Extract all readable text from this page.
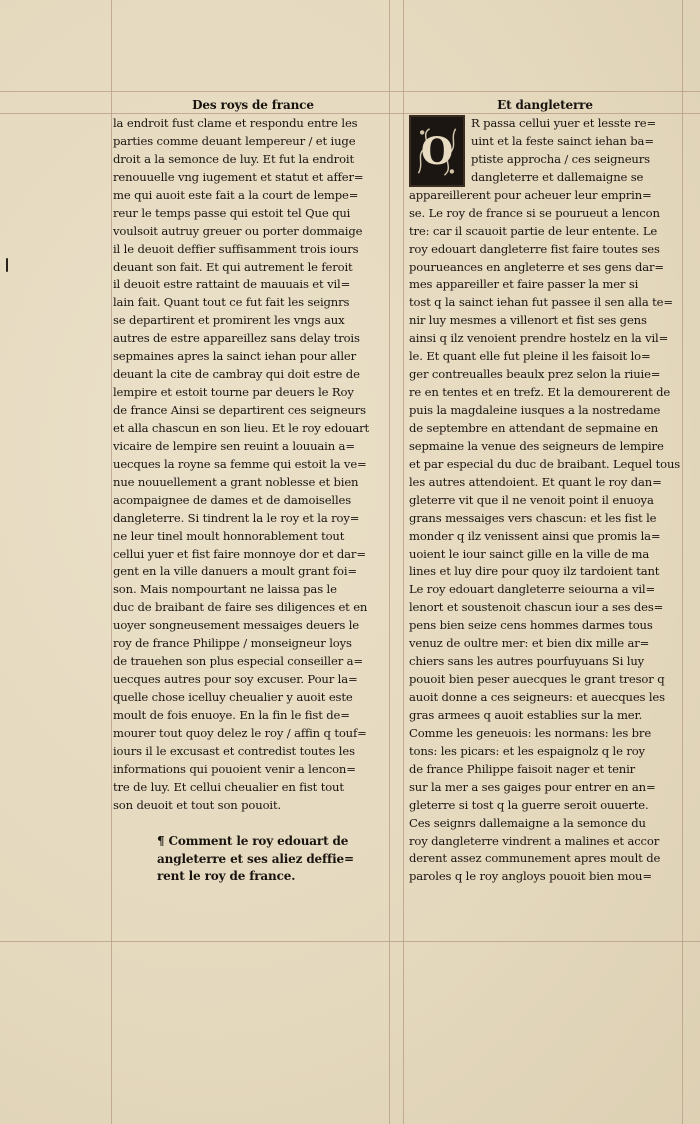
Des roys de france
la endroit fust clame et respondu entre les
parties comme deuant lempereur / et iuge
droit a la semonce de luy. Et fut la endroit
renouuelle vng iugement et statut et affer=
me qui auoit este fait a la court de lempe=
reur le temps passe qui estoit tel Que qui
voulsoit autruy greuer ou porter dommaige
il le deuoit deffier suffisamment trois iours
deuant son fait. Et qui autrement le feroit
il deuoit estre rattaint de mauuais et vil=
lain fait. Quant tout ce fut fait les seignrs
se departirent et promirent les vngs aux
autres de estre appareillez sans delay trois
sepmaines apres la sainct iehan pour aller
deuant la cite de cambray qui doit estre de
lempire et estoit tourne par deuers le Roy
de france Ainsi se departirent ces seigneurs
et alla chascun en son lieu. Et le roy edouart
vicaire de lempire sen reuint a louuain a=
uecques la royne sa femme qui estoit la ve=
nue nouuellement a grant noblesse et bien
acompaignee de dames et de damoiselles
dangleterre. Si tindrent la le roy et la roy=
ne leur tinel moult honnorablement tout
cellui yuer et fist faire monnoye dor et dar=
gent en la ville danuers a moult grant foi=
son. Mais nompourtant ne laissa pas le
duc de braibant de faire ses diligences et en
uoyer songneusement messaiges deuers le
roy de france Philippe / monseigneur loys
de trauehen son plus especial conseiller a=
uecques autres pour soy excuser. Pour la=
quelle chose icelluy cheualier y auoit este
moult de fois enuoye. En la fin le fist de=
mourer tout quoy delez le roy / affin q touf=
iours il le excusast et contredist toutes les
informations qui pouoient venir a lencon=
tre de luy. Et cellui cheualier en fist tout
son deuoit et tout son pouoit.
¶ Comment le roy edouart de
angleterre et ses aliez deffie=
rent le roy de france.
Et dangleterre
O
R passa cellui yuer et lesste re=
uint et la feste sainct iehan ba=
ptiste approcha / ces seigneurs
dangleterre et dallemaigne se
appareillerent pour acheuer leur emprin=
se. Le roy de france si se pourueut a lencon
tre: car il scauoit partie de leur entente. Le
roy edouart dangleterre fist faire toutes ses
pourueances en angleterre et ses gens dar=
mes appareiller et faire passer la mer si
tost q la sainct iehan fut passee il sen alla te=
nir luy mesmes a villenort et fist ses gens
ainsi q ilz venoient prendre hostelz en la vil=
le. Et quant elle fut pleine il les faisoit lo=
ger contreualles beaulx prez selon la riuie=
re en tentes et en trefz. Et la demourerent de
puis la magdaleine iusques a la nostredame
de septembre en attendant de sepmaine en
sepmaine la venue des seigneurs de lempire
et par especial du duc de braibant. Lequel tous
les autres attendoient. Et quant le roy dan=
gleterre vit que il ne venoit point il enuoya
grans messaiges vers chascun: et les fist le
monder q ilz venissent ainsi que promis la=
uoient le iour sainct gille en la ville de ma
lines et luy dire pour quoy ilz tardoient tant
Le roy edouart dangleterre seiourna a vil=
lenort et soustenoit chascun iour a ses des=
pens bien seize cens hommes darmes tous
venuz de oultre mer: et bien dix mille ar=
chiers sans les autres pourfuyuans Si luy
pouoit bien peser auecques le grant tresor q
auoit donne a ces seigneurs: et auecques les
gras armees q auoit establies sur la mer.
Comme les geneuois: les normans: les bre
tons: les picars: et les espaignolz q le roy
de france Philippe faisoit nager et tenir
sur la mer a ses gaiges pour entrer en an=
gleterre si tost q la guerre seroit ouuerte.
Ces seignrs dallemaigne a la semonce du
roy dangleterre vindrent a malines et accor
derent assez communement apres moult de
paroles q le roy angloys pouoit bien mou=
